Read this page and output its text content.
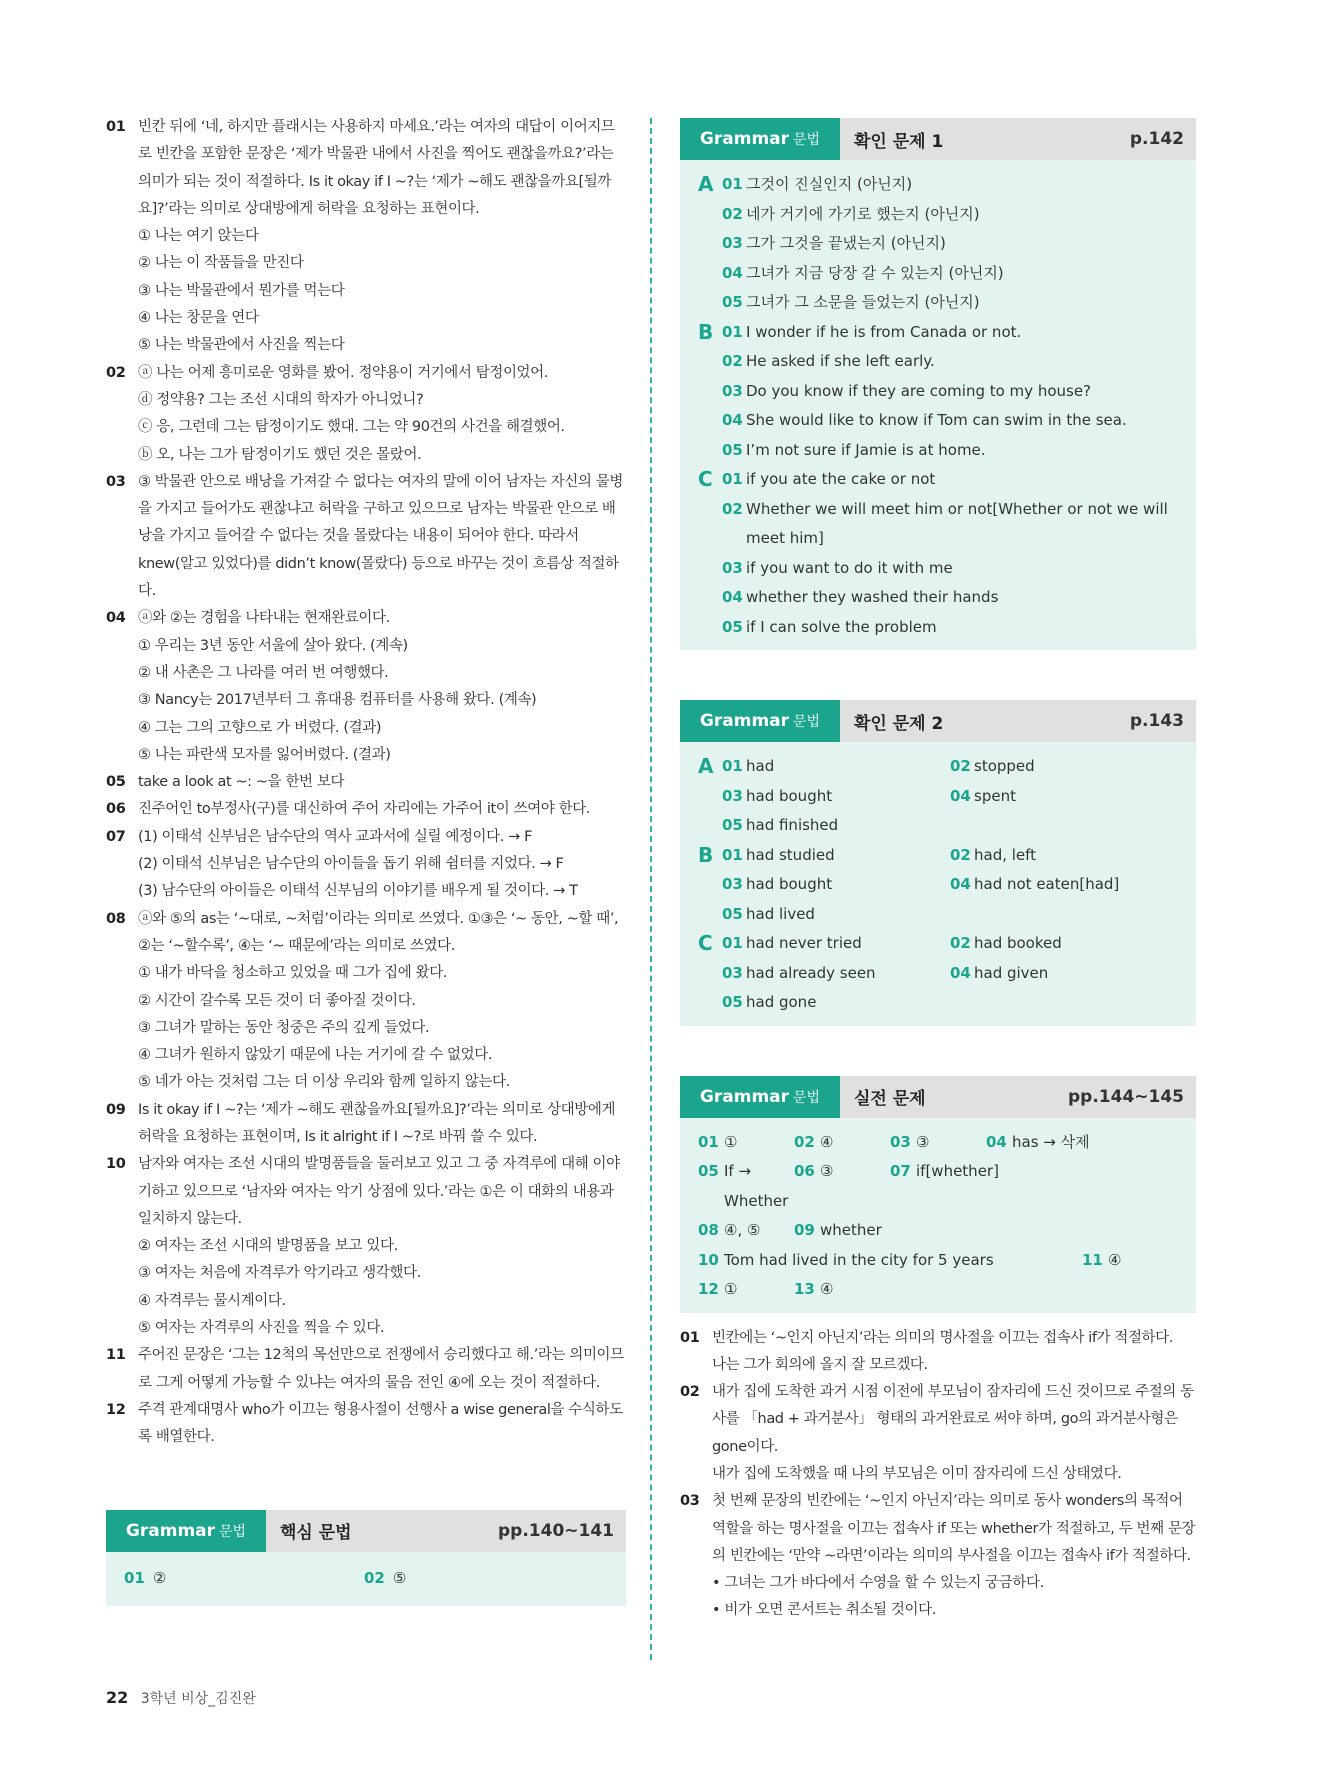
01 빈칸 뒤에 ‘네, 하지만 플래시는 사용하지 마세요.’라는 여자의 대답이 이어지므로 빈칸을 포함한 문장은 ‘제가 박물관 내에서 사진을 찍어도 괜찮을까요?’라는 의미가 되는 것이 적절하다. Is it okay if I ~?는 ‘제가 ~해도 괜찮을까요[될까요]?’라는 의미로 상대방에게 허락을 요청하는 표현이다.
① 나는 여기 앉는다
② 나는 이 작품들을 만진다
③ 나는 박물관에서 뭔가를 먹는다
④ 나는 창문을 연다
⑤ 나는 박물관에서 사진을 찍는다
02 ⓐ 나는 어제 흥미로운 영화를 봤어. 정약용이 거기에서 탐정이었어.
ⓓ 정약용? 그는 조선 시대의 학자가 아니었니?
ⓒ 응, 그런데 그는 탐정이기도 했대. 그는 약 90건의 사건을 해결했어.
ⓑ 오, 나는 그가 탐정이기도 했던 것은 몰랐어.
03 ③ 박물관 안으로 배낭을 가져갈 수 없다는 여자의 말에 이어 남자는 자신의 물병을 가지고 들어가도 괜찮냐고 허락을 구하고 있으므로 남자는 박물관 안으로 배낭을 가지고 들어갈 수 없다는 것을 몰랐다는 내용이 되어야 한다. 따라서 knew(알고 있었다)를 didn’t know(몰랐다) 등으로 바꾸는 것이 흐름상 적절하다.
04 ⓐ와 ②는 경험을 나타내는 현재완료이다.
① 우리는 3년 동안 서울에 살아 왔다. (계속)
② 내 사촌은 그 나라를 여러 번 여행했다.
③ Nancy는 2017년부터 그 휴대용 컴퓨터를 사용해 왔다. (계속)
④ 그는 그의 고향으로 가 버렸다. (결과)
⑤ 나는 파란색 모자를 잃어버렸다. (결과)
05 take a look at ~: ~을 한번 보다
06 진주어인 to부정사(구)를 대신하여 주어 자리에는 가주어 it이 쓰여야 한다.
07 (1) 이태석 신부님은 남수단의 역사 교과서에 실릴 예정이다. → F
(2) 이태석 신부님은 남수단의 아이들을 돕기 위해 쉼터를 지었다. → F
(3) 남수단의 아이들은 이태석 신부님의 이야기를 배우게 될 것이다. → T
08 ⓐ와 ⑤의 as는 ‘~대로, ~처럼’이라는 의미로 쓰였다. ①③은 ‘~ 동안, ~할 때’, ②는 ‘~할수록’, ④는 ‘~ 때문에’라는 의미로 쓰였다.
① 내가 바닥을 청소하고 있었을 때 그가 집에 왔다.
② 시간이 갈수록 모든 것이 더 좋아질 것이다.
③ 그녀가 말하는 동안 청중은 주의 깊게 들었다.
④ 그녀가 원하지 않았기 때문에 나는 거기에 갈 수 없었다.
⑤ 네가 아는 것처럼 그는 더 이상 우리와 함께 일하지 않는다.
09 Is it okay if I ~?는 ‘제가 ~해도 괜찮을까요[될까요]?’라는 의미로 상대방에게 허락을 요청하는 표현이며, Is it alright if I ~?로 바꿔 쓸 수 있다.
10 남자와 여자는 조선 시대의 발명품들을 둘러보고 있고 그 중 자격루에 대해 이야기하고 있으므로 ‘남자와 여자는 악기 상점에 있다.’라는 ①은 이 대화의 내용과 일치하지 않는다.
② 여자는 조선 시대의 발명품을 보고 있다.
③ 여자는 처음에 자격루가 악기라고 생각했다.
④ 자격루는 물시계이다.
⑤ 여자는 자격루의 사진을 찍을 수 있다.
11 주어진 문장은 ‘그는 12척의 목선만으로 전쟁에서 승리했다고 해.’라는 의미이므로 그게 어떻게 가능할 수 있냐는 여자의 물음 전인 ④에 오는 것이 적절하다.
12 주격 관계대명사 who가 이끄는 형용사절이 선행사 a wise general을 수식하도록 배열한다.
Grammar 문법	핵심 문법	pp.140~141
01 ②	02 ⑤
Grammar 문법	확인 문제 1	p.142
A 01 그것이 진실인지 (아닌지)
02 네가 거기에 가기로 했는지 (아닌지)
03 그가 그것을 끝냈는지 (아닌지)
04 그녀가 지금 당장 갈 수 있는지 (아닌지)
05 그녀가 그 소문을 들었는지 (아닌지)
B 01 I wonder if he is from Canada or not.
02 He asked if she left early.
03 Do you know if they are coming to my house?
04 She would like to know if Tom can swim in the sea.
05 I’m not sure if Jamie is at home.
C 01 if you ate the cake or not
02 Whether we will meet him or not[Whether or not we will meet him]
03 if you want to do it with me
04 whether they washed their hands
05 if I can solve the problem
Grammar 문법	확인 문제 2	p.143
A 01 had	02 stopped
03 had bought	04 spent
05 had finished
B 01 had studied	02 had, left
03 had bought	04 had not eaten[had]
05 had lived
C 01 had never tried	02 had booked
03 had already seen	04 had given
05 had gone
Grammar 문법	실전 문제	pp.144~145
01 ①	02 ④	03 ③	04 has → 삭제
05 If → Whether
06 ③	07 if[whether]
08 ④, ⑤	09 whether
10 Tom had lived in the city for 5 years	11 ④
12 ①	13 ④
01 빈칸에는 ‘~인지 아닌지’라는 의미의 명사절을 이끄는 접속사 if가 적절하다.
나는 그가 회의에 올지 잘 모르겠다.
02 내가 집에 도착한 과거 시점 이전에 부모님이 잠자리에 드신 것이므로 주절의 동사를 「had + 과거분사」 형태의 과거완료로 써야 하며, go의 과거분사형은 gone이다.
내가 집에 도착했을 때 나의 부모님은 이미 잠자리에 드신 상태였다.
03 첫 번째 문장의 빈칸에는 ‘~인지 아닌지’라는 의미로 동사 wonders의 목적어 역할을 하는 명사절을 이끄는 접속사 if 또는 whether가 적절하고, 두 번째 문장의 빈칸에는 ‘만약 ~라면’이라는 의미의 부사절을 이끄는 접속사 if가 적절하다.
• 그녀는 그가 바다에서 수영을 할 수 있는지 궁금하다.
• 비가 오면 콘서트는 취소될 것이다.
22 3학년 비상_김진완
